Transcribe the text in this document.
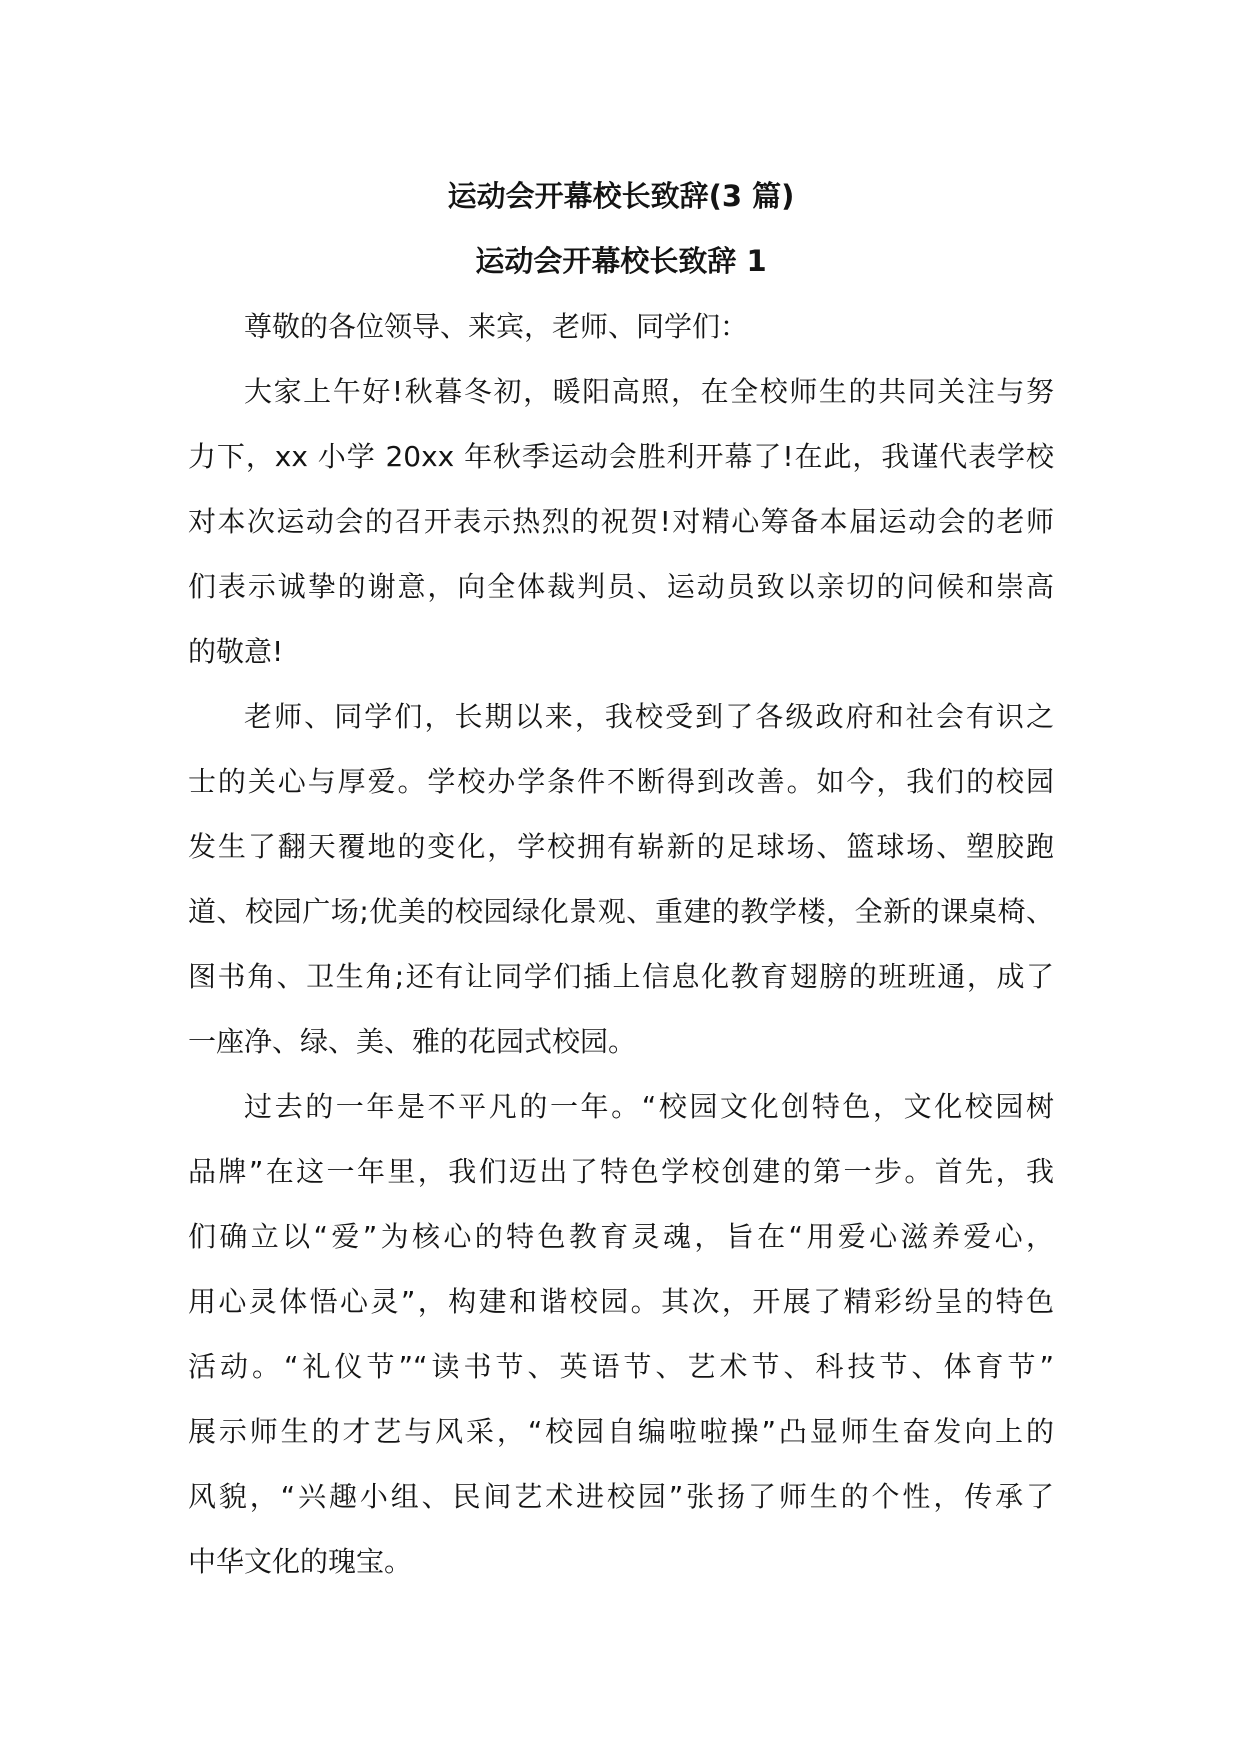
运动会开幕校长致辞(3 篇)
运动会开幕校长致辞 1
尊敬的各位领导、来宾，老师、同学们：
大家上午好!秋暮冬初，暖阳高照，在全校师生的共同关注与努
力下，xx 小学 20xx 年秋季运动会胜利开幕了!在此，我谨代表学校
对本次运动会的召开表示热烈的祝贺!对精心筹备本届运动会的老师
们表示诚挚的谢意，向全体裁判员、运动员致以亲切的问候和崇高
的敬意!
老师、同学们，长期以来，我校受到了各级政府和社会有识之
士的关心与厚爱。学校办学条件不断得到改善。如今，我们的校园
发生了翻天覆地的变化，学校拥有崭新的足球场、篮球场、塑胶跑
道、校园广场;优美的校园绿化景观、重建的教学楼，全新的课桌椅、
图书角、卫生角;还有让同学们插上信息化教育翅膀的班班通，成了
一座净、绿、美、雅的花园式校园。
过去的一年是不平凡的一年。“校园文化创特色，文化校园树
品牌”在这一年里，我们迈出了特色学校创建的第一步。首先，我
们确立以“爱”为核心的特色教育灵魂，旨在“用爱心滋养爱心，
用心灵体悟心灵”，构建和谐校园。其次，开展了精彩纷呈的特色
活动。“礼仪节”“读书节、英语节、艺术节、科技节、体育节”
展示师生的才艺与风采，“校园自编啦啦操”凸显师生奋发向上的
风貌，“兴趣小组、民间艺术进校园”张扬了师生的个性，传承了
中华文化的瑰宝。
